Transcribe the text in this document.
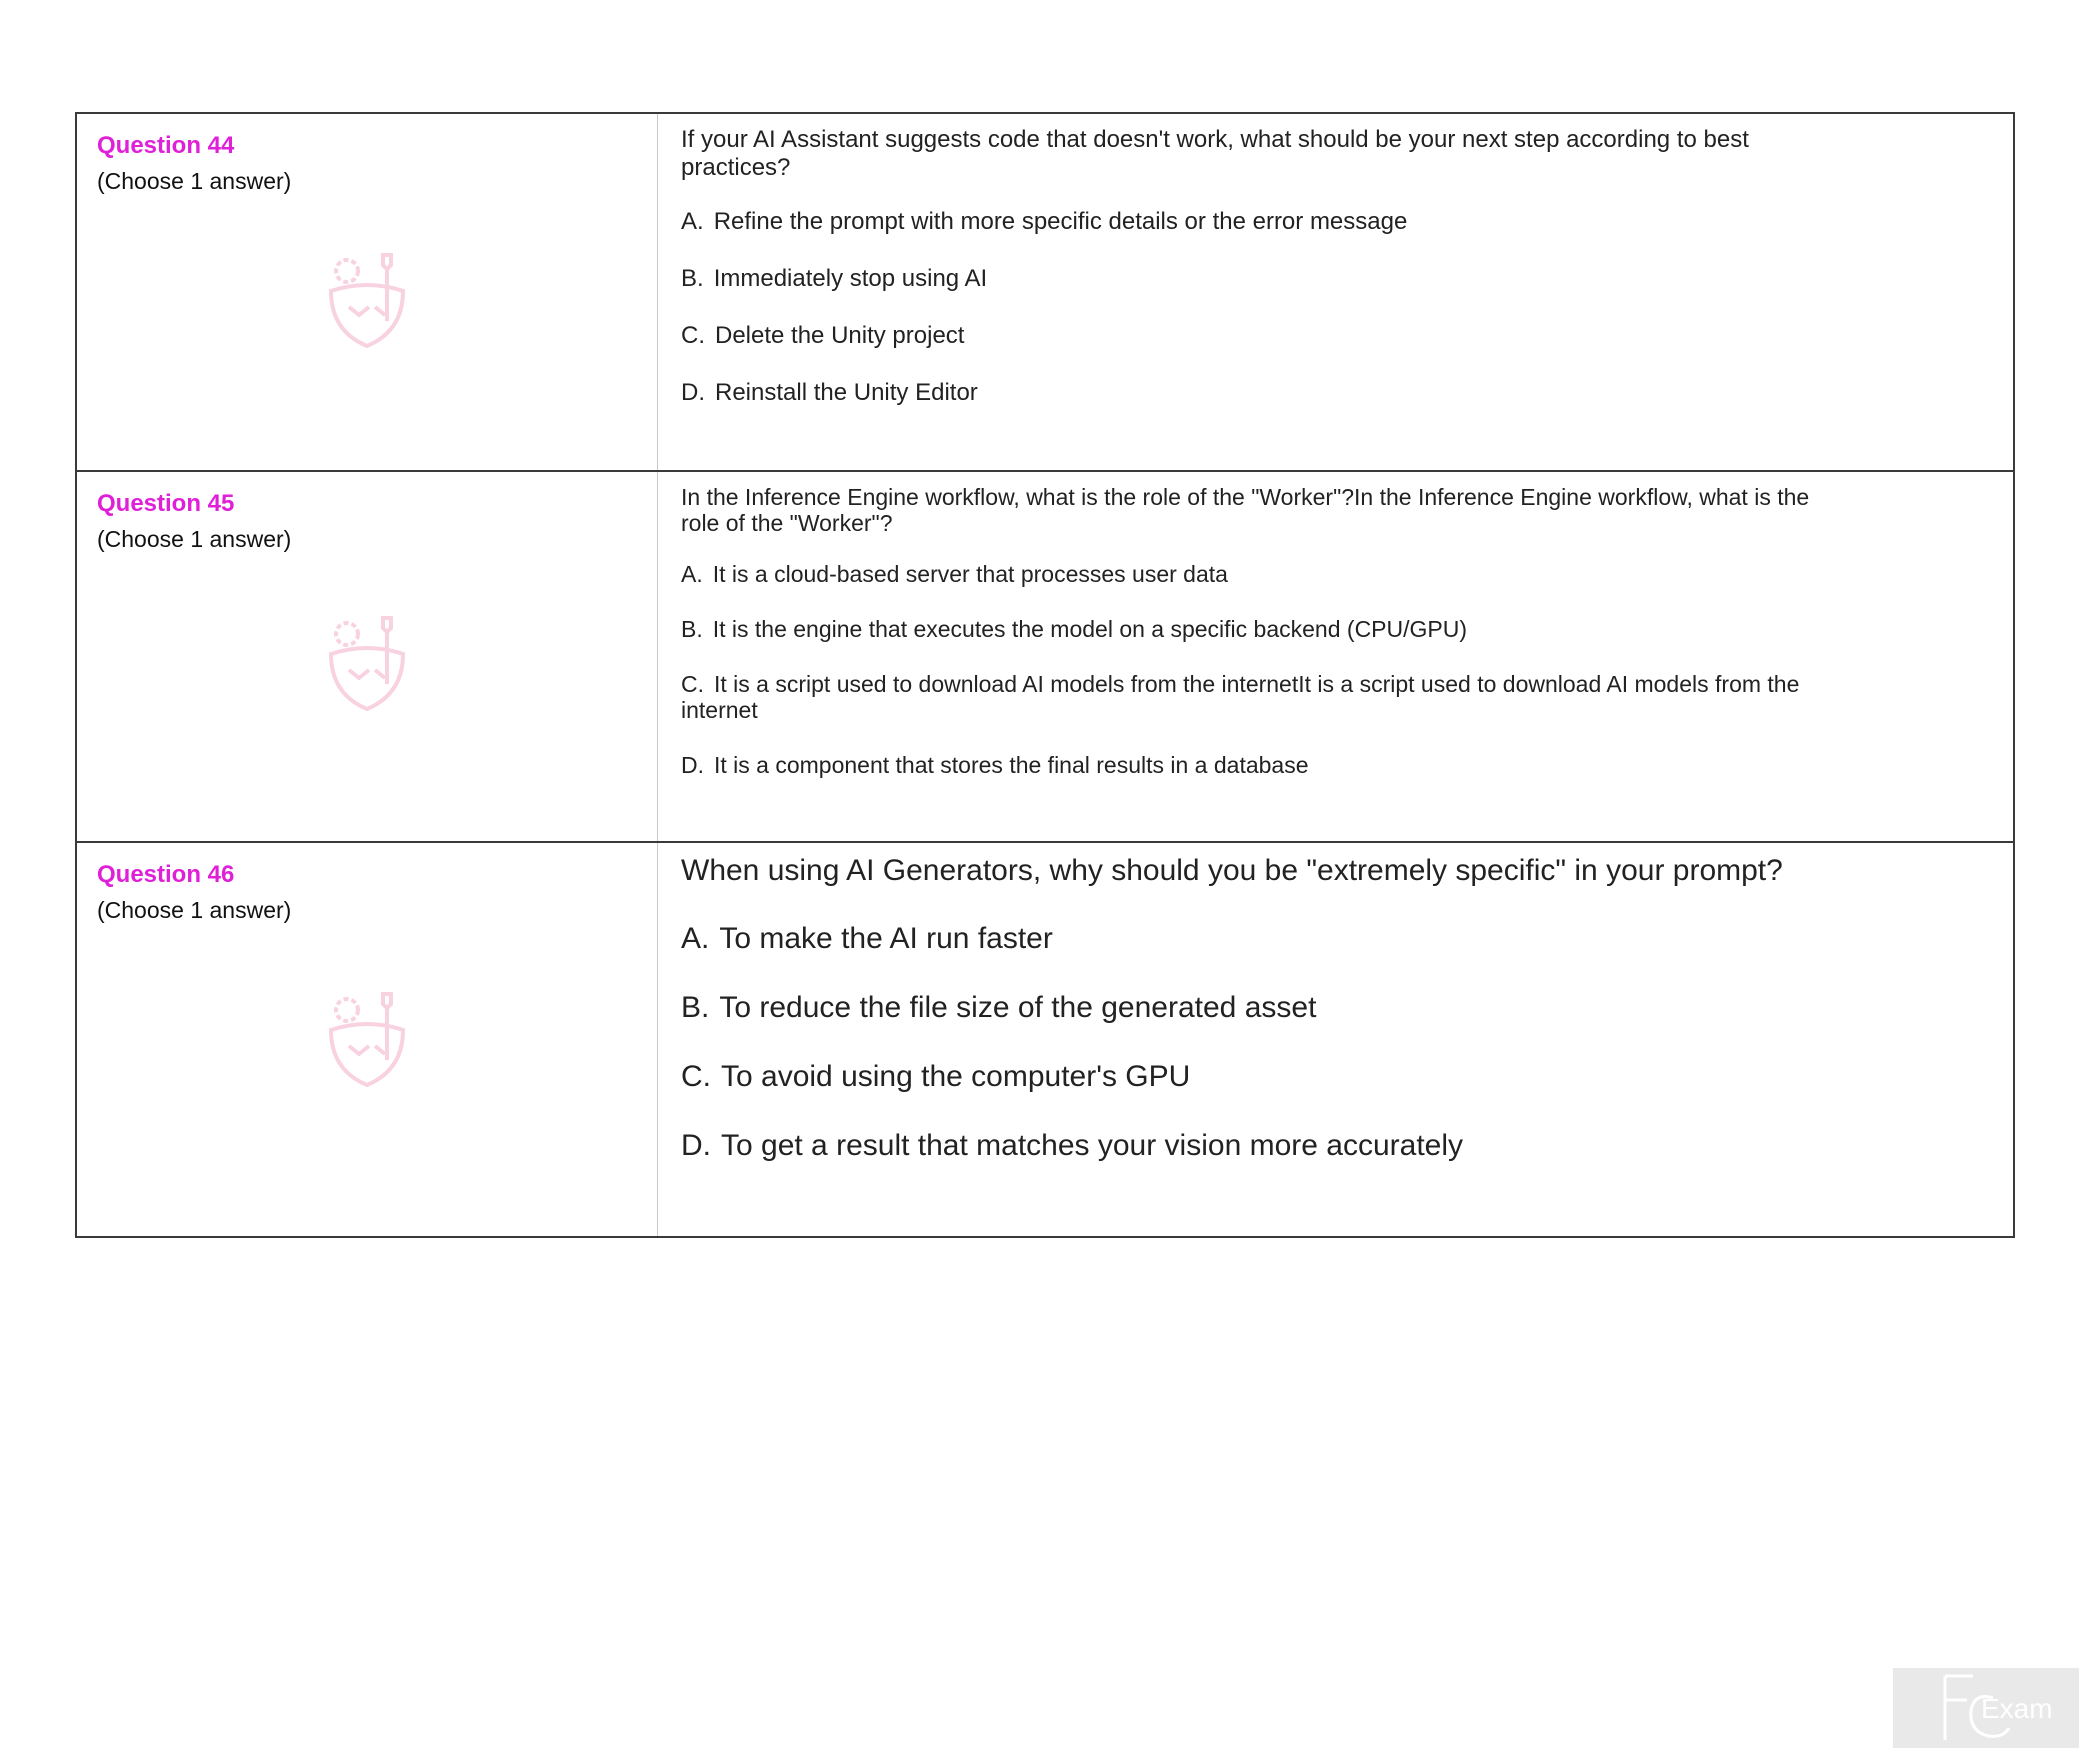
Question 44
(Choose 1 answer)	If your AI Assistant suggests code that doesn't work, what should be your next step according to best practices?
A. Refine the prompt with more specific details or the error message
B. Immediately stop using AI
C. Delete the Unity project
D. Reinstall the Unity Editor

Question 45
(Choose 1 answer)	In the Inference Engine workflow, what is the role of the "Worker"?In the Inference Engine workflow, what is the role of the "Worker"?
A. It is a cloud-based server that processes user data
B. It is the engine that executes the model on a specific backend (CPU/GPU)
C. It is a script used to download AI models from the internetIt is a script used to download AI models from the internet
D. It is a component that stores the final results in a database

Question 46
(Choose 1 answer)	When using AI Generators, why should you be "extremely specific" in your prompt?
A. To make the AI run faster
B. To reduce the file size of the generated asset
C. To avoid using the computer's GPU
D. To get a result that matches your vision more accurately
Exam
